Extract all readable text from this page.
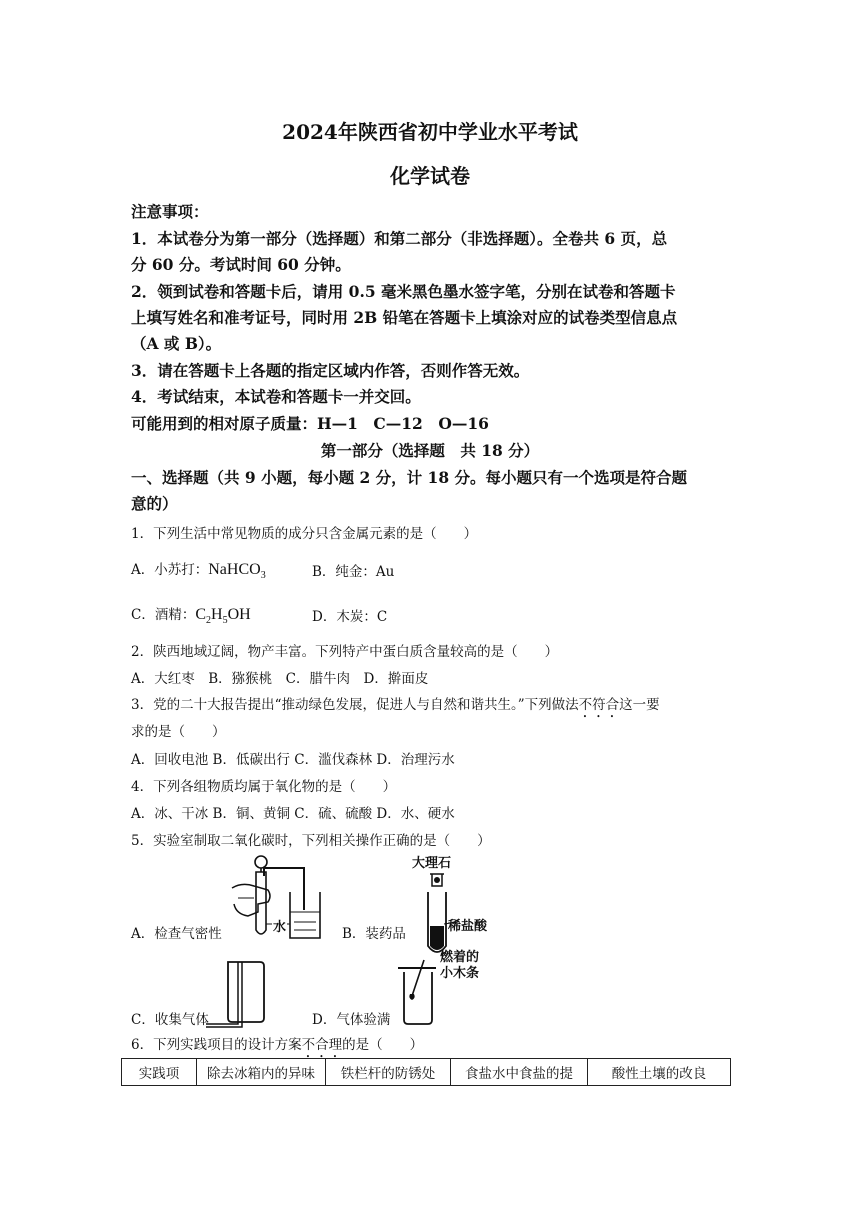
2024年陕西省初中学业水平考试
化学试卷
注意事项：
1．本试卷分为第一部分（选择题）和第二部分（非选择题）。全卷共 6 页，总
分 60 分。考试时间 60 分钟。
2．领到试卷和答题卡后，请用 0.5 毫米黑色墨水签字笔，分别在试卷和答题卡
上填写姓名和准考证号，同时用 2B 铅笔在答题卡上填涂对应的试卷类型信息点
（A 或 B）。
3．请在答题卡上各题的指定区域内作答，否则作答无效。
4．考试结束，本试卷和答题卡一并交回。
可能用到的相对原子质量：H—1　C—12　O—16
第一部分（选择题　共 18 分）
一、选择题（共 9 小题，每小题 2 分，计 18 分。每小题只有一个选项是符合题
意的）
1．下列生活中常见物质的成分只含金属元素的是（　　）
A．小苏打：NaHCO$_3$	B．纯金：Au
C．酒精：$C_2H_5OH$	D．木炭：C
2．陕西地域辽阔，物产丰富。下列特产中蛋白质含量较高的是（　　）
A．大红枣　B．猕猴桃　C．腊牛肉　D．擀面皮
3．党的二十大报告提出“推动绿色发展，促进人与自然和谐共生。”下列做法不符合这一要
求的是（　　）
A．回收电池 B．低碳出行 C．滥伐森林 D．治理污水
4．下列各组物质均属于氧化物的是（　　）
A．冰、干冰 B．铜、黄铜 C．硫、硫酸 D．水、硬水
5．实验室制取二氧化碳时，下列相关操作正确的是（　　）
水
A．检查气密性
大理石
稀盐酸
B．装药品
C．收集气体
燃着的
小木条
D．气体验满
6．下列实践项目的设计方案不合理的是（　　）
实践项	除去冰箱内的异味	铁栏杆的防锈处	食盐水中食盐的提	酸性土壤的改良
